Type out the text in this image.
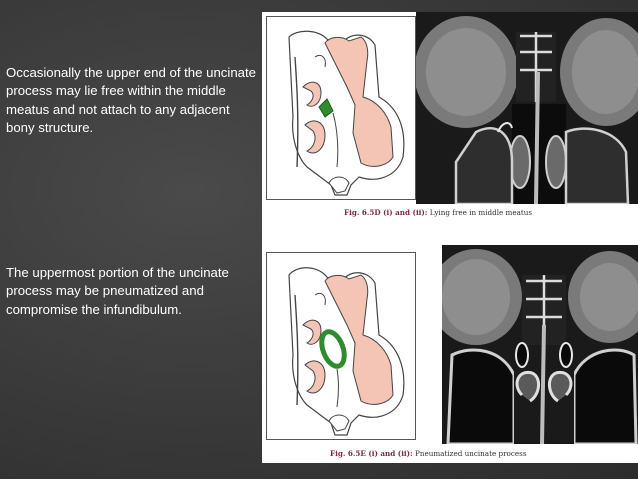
Occasionally the upper end of the uncinate process may lie free within the middle meatus and not attach to any adjacent bony structure.
The uppermost portion of the uncinate process may be pneumatized and compromise the infundibulum.
Fig. 6.5D (i) and (ii): Lying free in middle meatus
Fig. 6.5E (i) and (ii): Pneumatized uncinate process
